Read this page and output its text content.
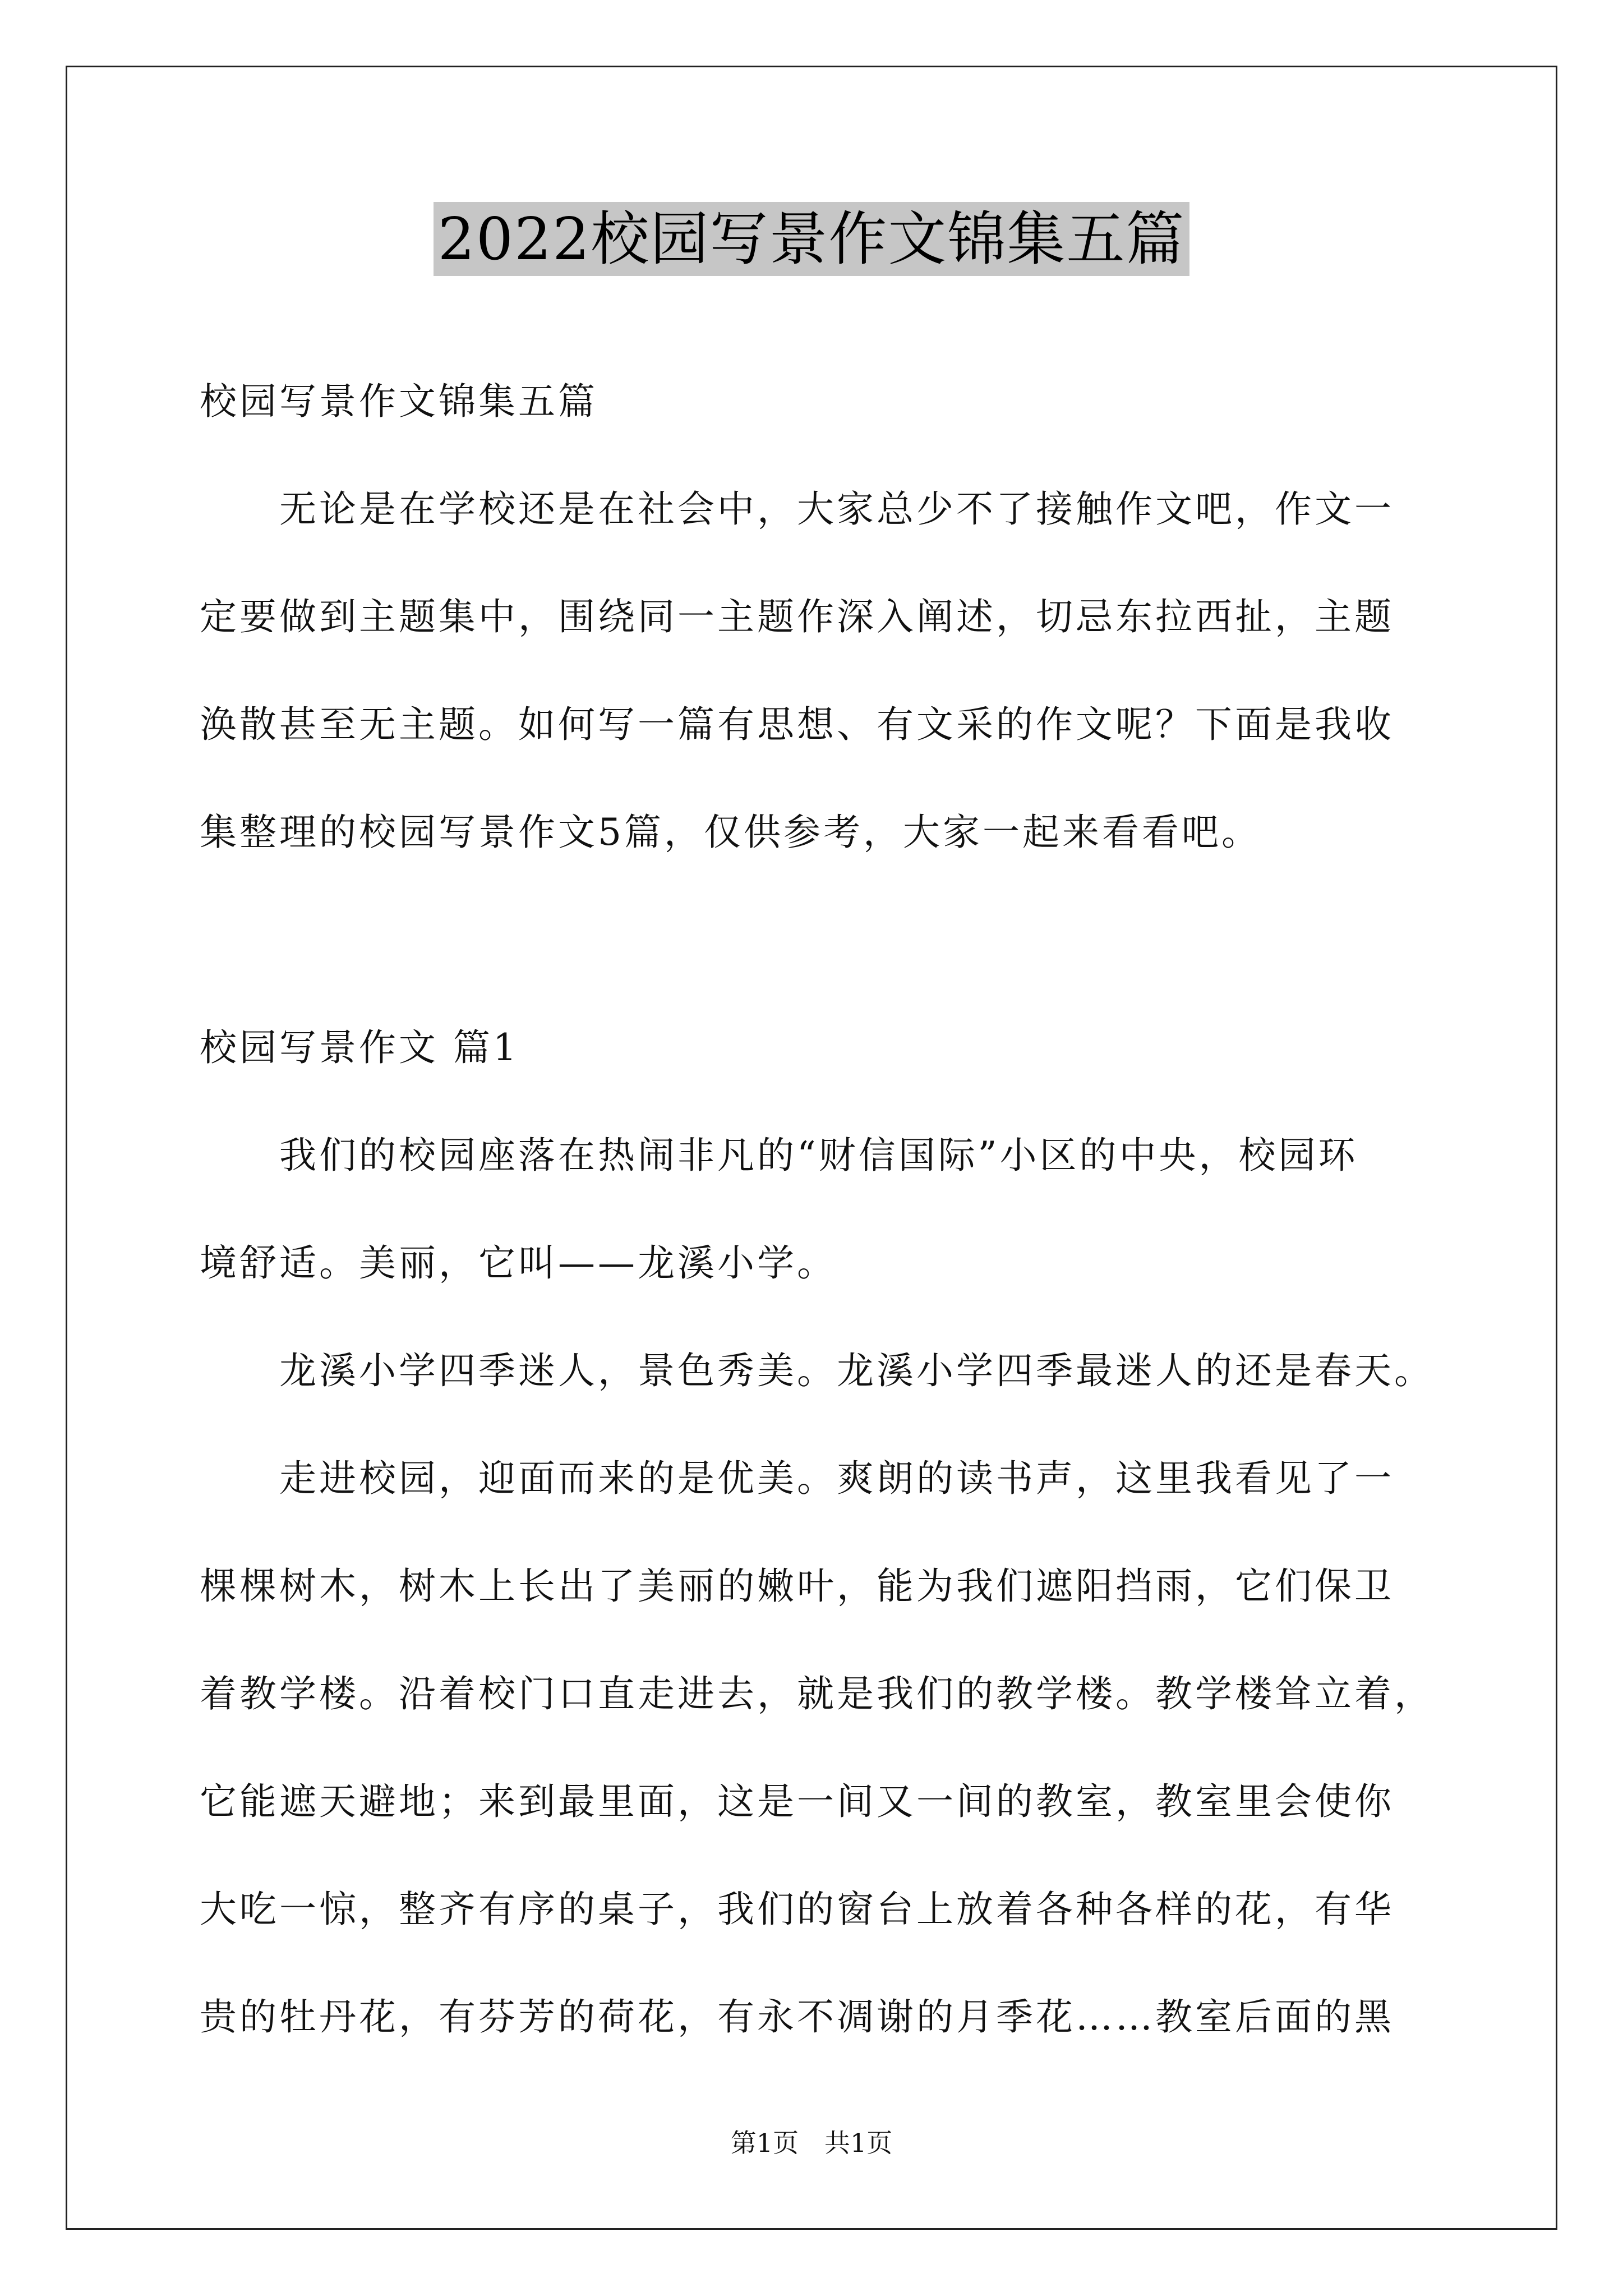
2022校园写景作文锦集五篇
校园写景作文锦集五篇
无论是在学校还是在社会中，大家总少不了接触作文吧，作文一
定要做到主题集中，围绕同一主题作深入阐述，切忌东拉西扯，主题
涣散甚至无主题。如何写一篇有思想、有文采的作文呢？下面是我收
集整理的校园写景作文5篇，仅供参考，大家一起来看看吧。
校园写景作文 篇1
我们的校园座落在热闹非凡的“财信国际”小区的中央，校园环
境舒适。美丽，它叫——龙溪小学。
龙溪小学四季迷人，景色秀美。龙溪小学四季最迷人的还是春天。
走进校园，迎面而来的是优美。爽朗的读书声，这里我看见了一
棵棵树木，树木上长出了美丽的嫩叶，能为我们遮阳挡雨，它们保卫
着教学楼。沿着校门口直走进去，就是我们的教学楼。教学楼耸立着，
它能遮天避地；来到最里面，这是一间又一间的教室，教室里会使你
大吃一惊，整齐有序的桌子，我们的窗台上放着各种各样的花，有华
贵的牡丹花，有芬芳的荷花，有永不凋谢的月季花……教室后面的黑
第1页 共1页
